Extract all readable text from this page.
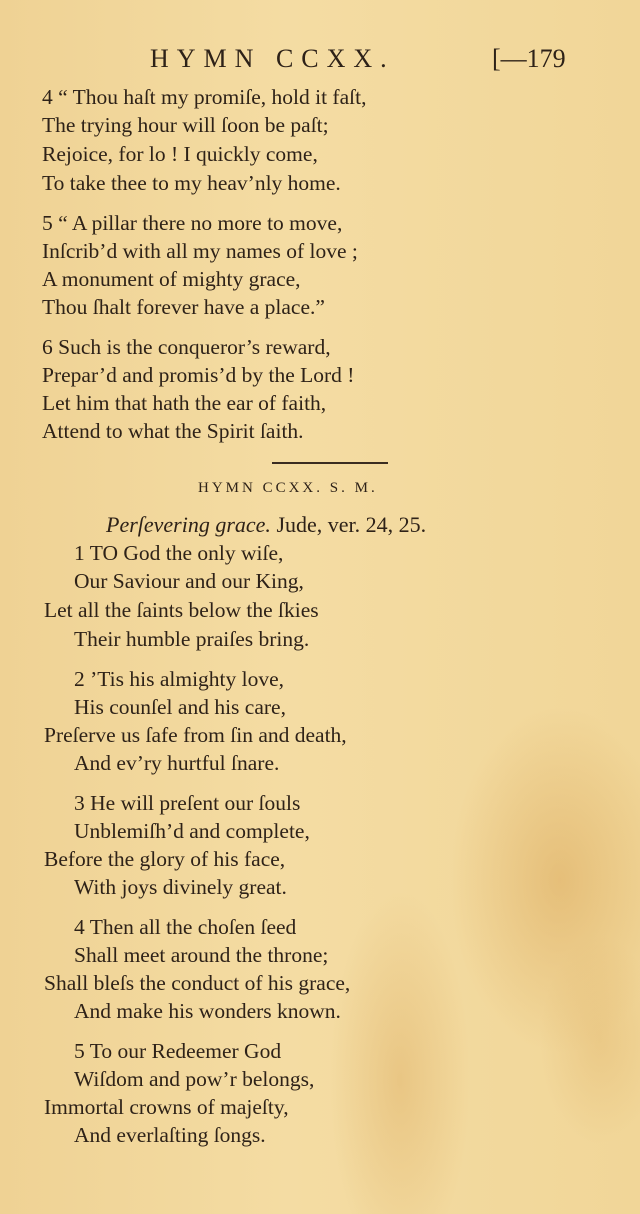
HYMN CCXX.	[—179
4 “ Thou haſt my promiſe, hold it faſt,
The trying hour will ſoon be paſt;
Rejoice, for lo ! I quickly come,
To take thee to my heav’nly home.
5 “ A pillar there no more to move,
Inſcrib’d with all my names of love ;
A monument of mighty grace,
Thou ſhalt forever have a place.”
6 Such is the conqueror’s reward,
Prepar’d and promis’d by the Lord !
Let him that hath the ear of faith,
Attend to what the Spirit ſaith.
HYMN CCXX. S. M.
Perſevering grace. Jude, ver. 24, 25.
1 TO God the only wiſe,
Our Saviour and our King,
Let all the ſaints below the ſkies
Their humble praiſes bring.
2 ’Tis his almighty love,
His counſel and his care,
Preſerve us ſafe from ſin and death,
And ev’ry hurtful ſnare.
3 He will preſent our ſouls
Unblemiſh’d and complete,
Before the glory of his face,
With joys divinely great.
4 Then all the choſen ſeed
Shall meet around the throne;
Shall bleſs the conduct of his grace,
And make his wonders known.
5 To our Redeemer God
Wiſdom and pow’r belongs,
Immortal crowns of majeſty,
And everlaſting ſongs.
